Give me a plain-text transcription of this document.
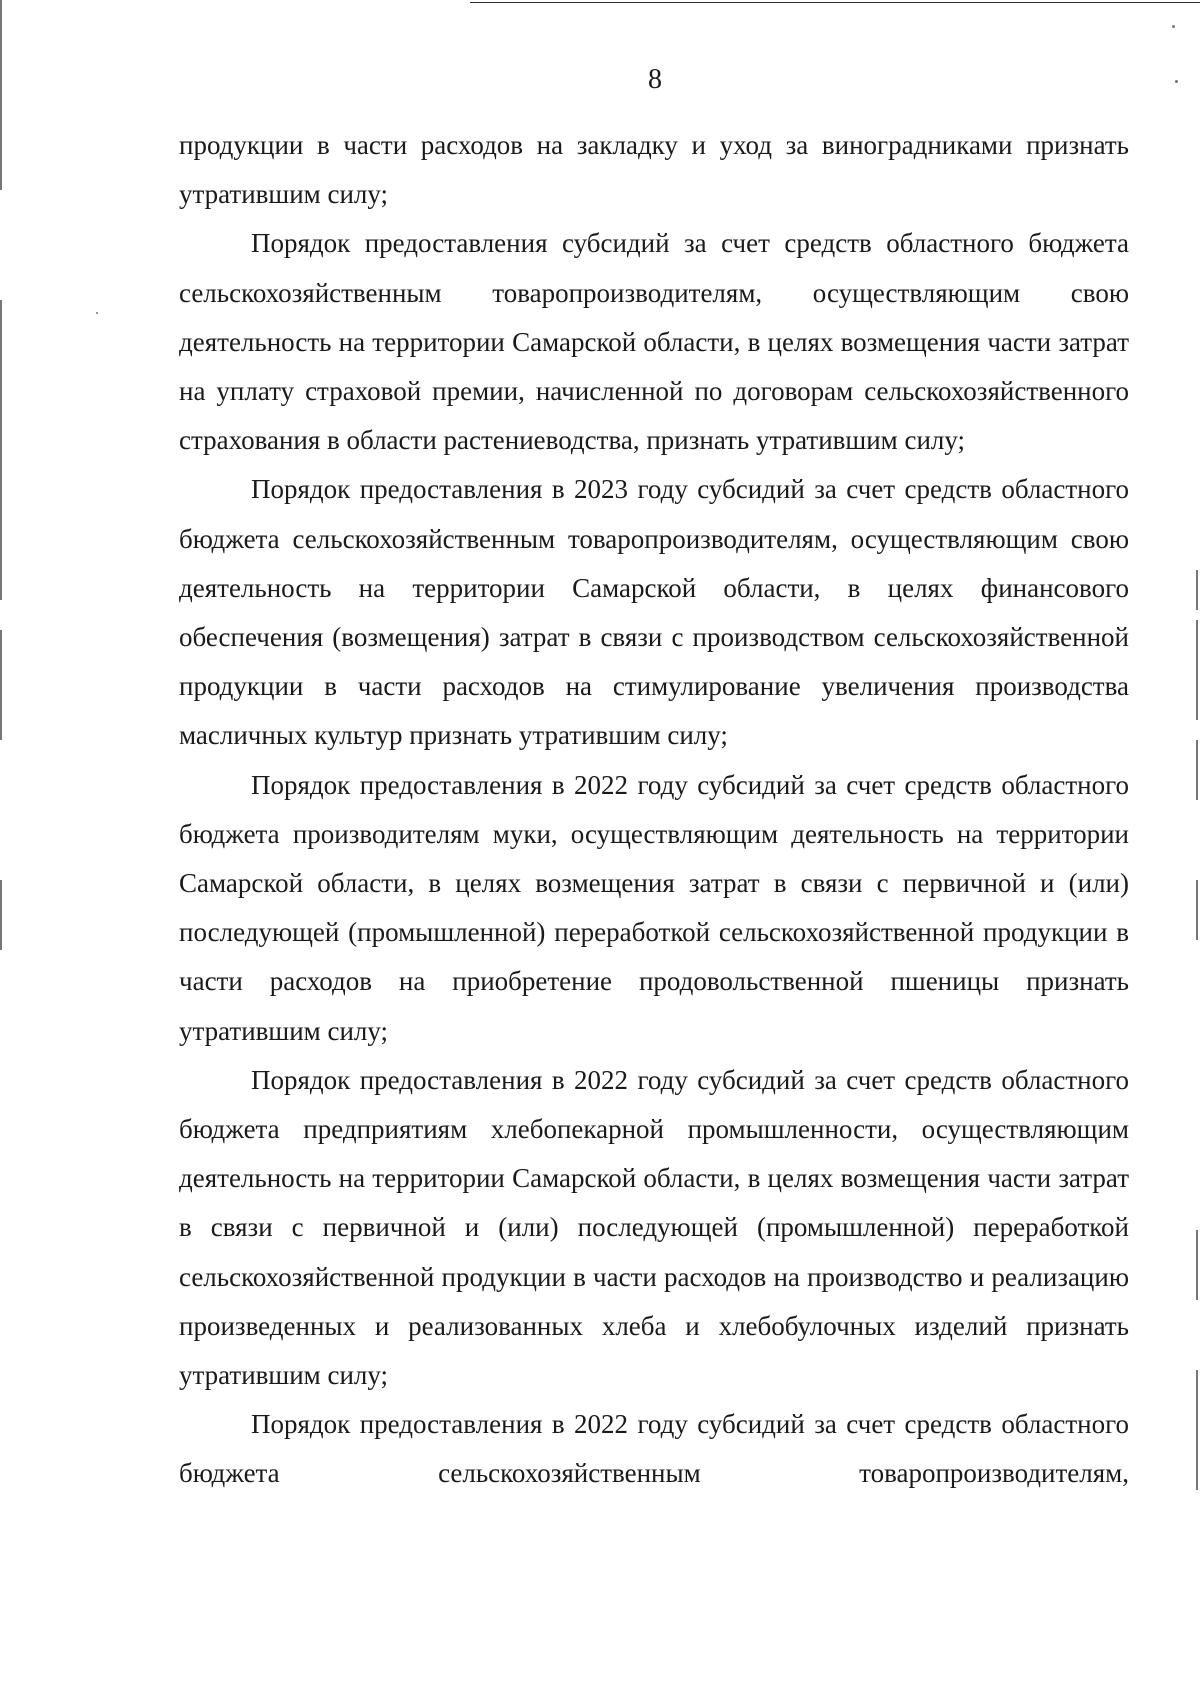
8

продукции в части расходов на закладку и уход за виноградниками признать утратившим силу;

Порядок предоставления субсидий за счет средств областного бюджета сельскохозяйственным товаропроизводителям, осуществляющим свою деятельность на территории Самарской области, в целях возмещения части затрат на уплату страховой премии, начисленной по договорам сельскохозяйственного страхования в области растениеводства, признать утратившим силу;

Порядок предоставления в 2023 году субсидий за счет средств областного бюджета сельскохозяйственным товаропроизводителям, осуществляющим свою деятельность на территории Самарской области, в целях финансового обеспечения (возмещения) затрат в связи с производством сельскохозяйственной продукции в части расходов на стимулирование увеличения производства масличных культур признать утратившим силу;

Порядок предоставления в 2022 году субсидий за счет средств областного бюджета производителям муки, осуществляющим деятельность на территории Самарской области, в целях возмещения затрат в связи с первичной и (или) последующей (промышленной) переработкой сельскохозяйственной продукции в части расходов на приобретение продовольственной пшеницы признать утратившим силу;

Порядок предоставления в 2022 году субсидий за счет средств областного бюджета предприятиям хлебопекарной промышленности, осуществляющим деятельность на территории Самарской области, в целях возмещения части затрат в связи с первичной и (или) последующей (промышленной) переработкой сельскохозяйственной продукции в части расходов на производство и реализацию произведенных и реализованных хлеба и хлебобулочных изделий признать утратившим силу;

Порядок предоставления в 2022 году субсидий за счет средств областного бюджета сельскохозяйственным товаропроизводителям,
